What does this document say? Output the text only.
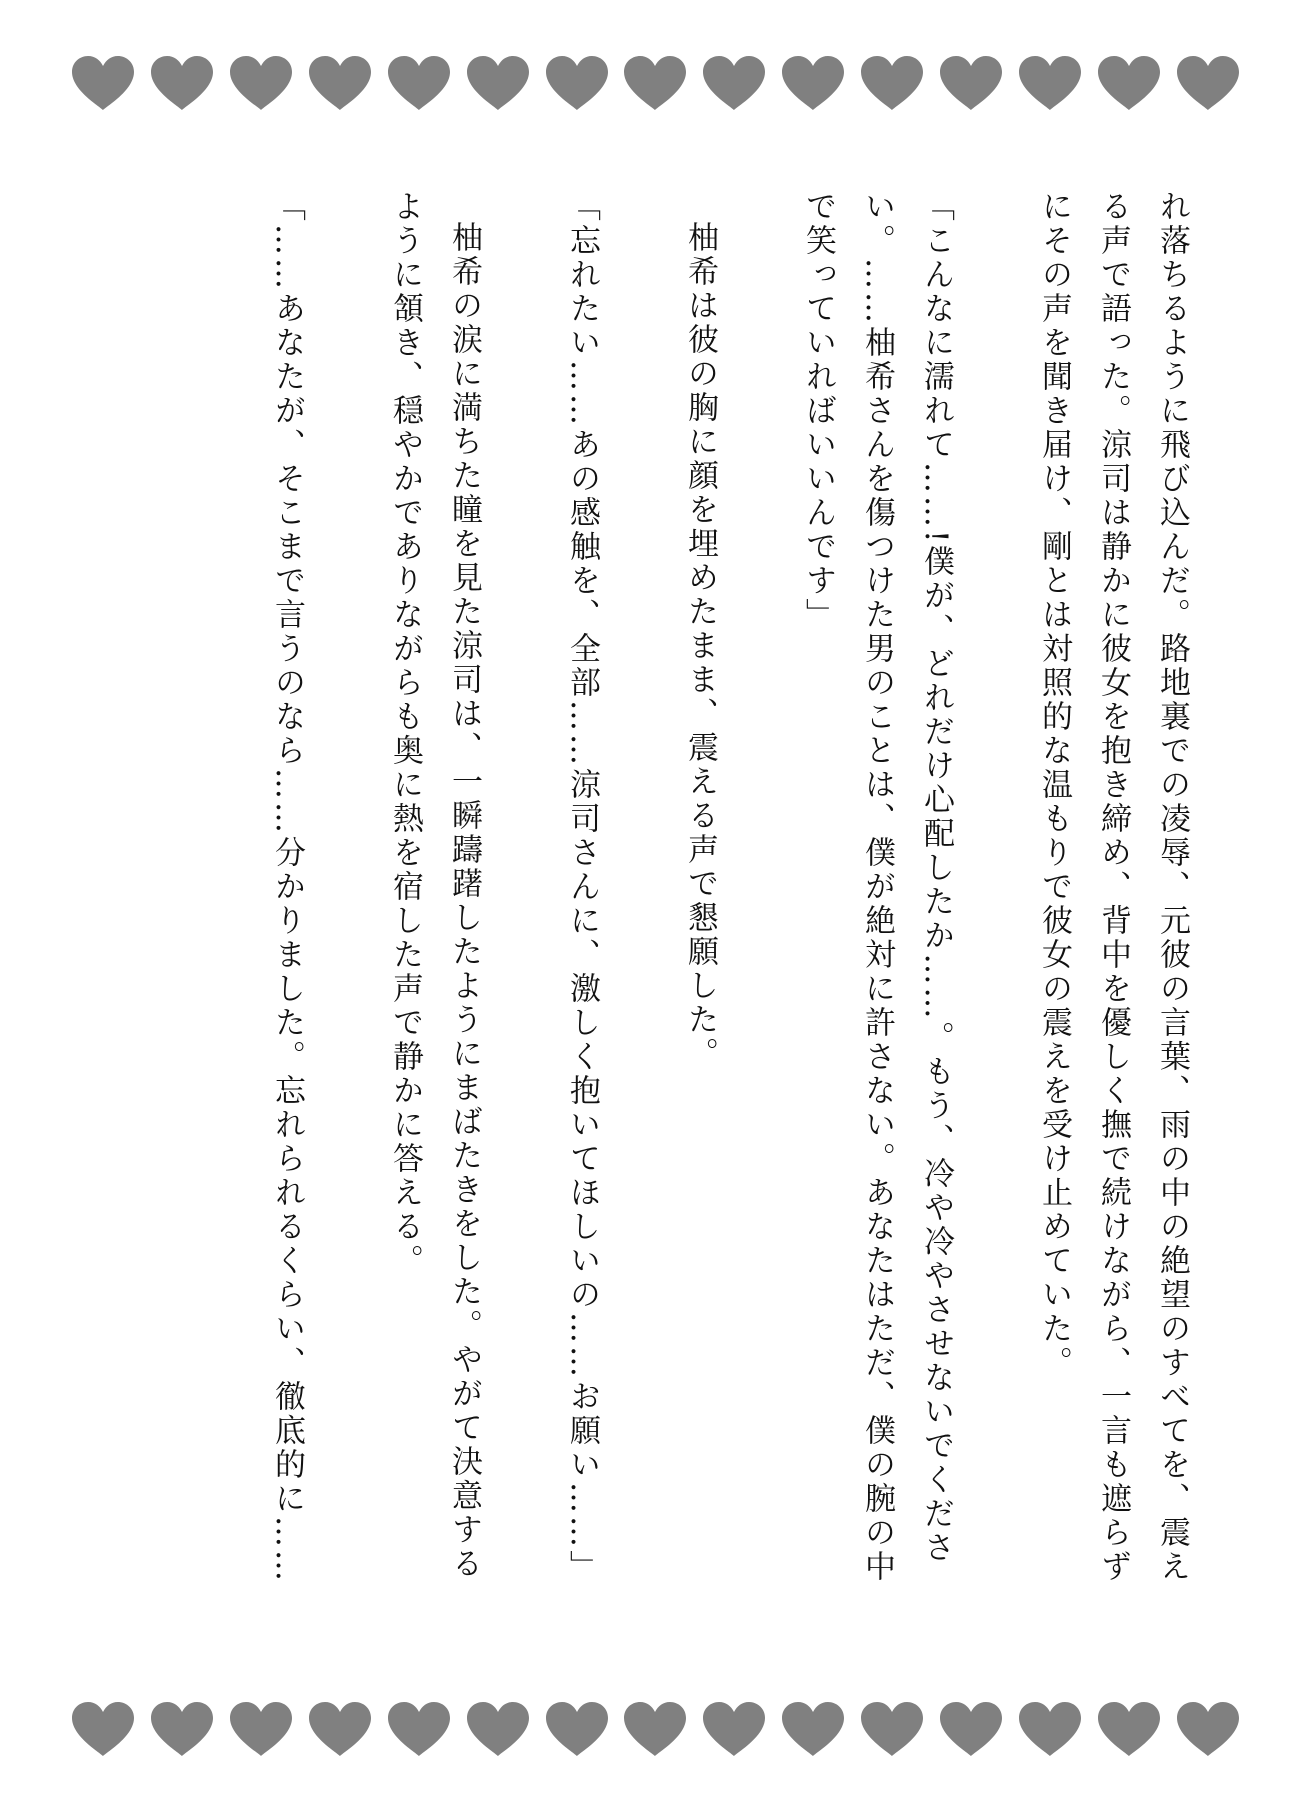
れ落ちるように飛び込んだ。路地裏での凌辱、元彼の言葉、雨の中の絶望のすべてを、震える声で語った。涼司は静かに彼女を抱き締め、背中を優しく撫で続けながら、一言も遮らずにその声を聞き届け、剛とは対照的な温もりで彼女の震えを受け止めていた。

「こんなに濡れて……!僕が、どれだけ心配したか……。もう、冷や冷やさせないでください。……柚希さんを傷つけた男のことは、僕が絶対に許さない。あなたはただ、僕の腕の中で笑っていればいいんです」

柚希は彼の胸に顔を埋めたまま、震える声で懇願した。

「忘れたい……あの感触を、全部……涼司さんに、激しく抱いてほしいの……お願い……」

柚希の涙に満ちた瞳を見た涼司は、一瞬躊躇したようにまばたきをした。やがて決意するように頷き、穏やかでありながらも奥に熱を宿した声で静かに答える。

「……あなたが、そこまで言うのなら……分かりました。忘れられるくらい、徹底的に……
